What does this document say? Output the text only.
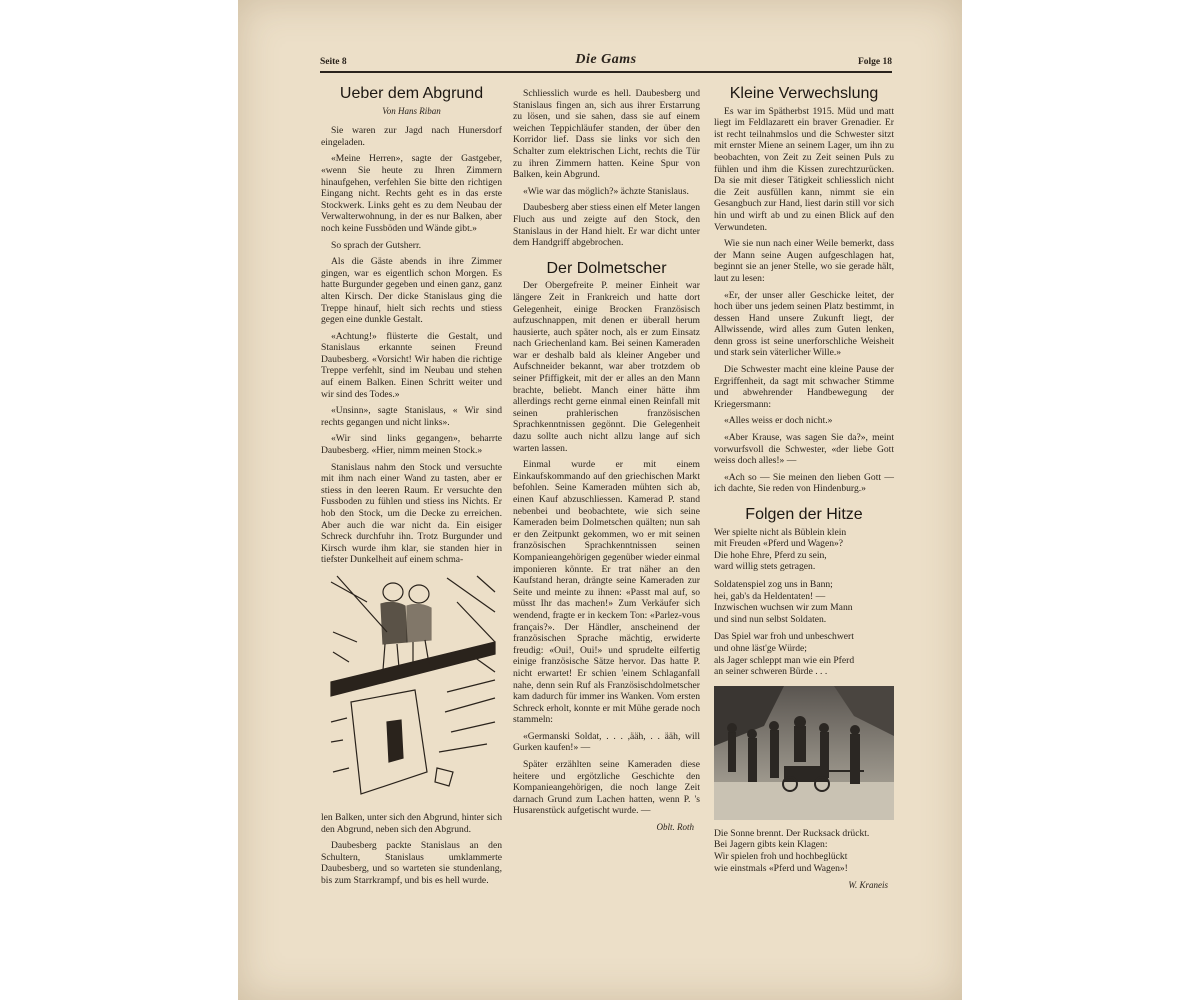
Seite 8	Die Gams	Folge 18
Ueber dem Abgrund
Von Hans Riban

Sie waren zur Jagd nach Hunersdorf eingeladen.

«Meine Herren», sagte der Gastgeber, «wenn Sie heute zu Ihren Zimmern hinaufgehen, verfehlen Sie bitte den richtigen Eingang nicht. Rechts geht es in das erste Stockwerk. Links geht es zu dem Neubau der Verwalterwohnung, in der es nur Balken, aber noch keine Fussböden und Wände gibt.»

So sprach der Gutsherr.

Als die Gäste abends in ihre Zimmer gingen, war es eigentlich schon Morgen. Es hatte Burgunder gegeben und einen ganz, ganz alten Kirsch. Der dicke Stanislaus ging die Treppe hinauf, hielt sich rechts und stiess gegen eine dunkle Gestalt.

«Achtung!» flüsterte die Gestalt, und Stanislaus erkannte seinen Freund Daubesberg. «Vorsicht! Wir haben die richtige Treppe verfehlt, sind im Neubau und stehen auf einem Balken. Einen Schritt weiter und wir sind des Todes.»

«Unsinn», sagte Stanislaus, « Wir sind rechts gegangen und nicht links».

«Wir sind links gegangen», beharrte Daubesberg. «Hier, nimm meinen Stock.»

Stanislaus nahm den Stock und versuchte mit ihm nach einer Wand zu tasten, aber er stiess in den leeren Raum. Er versuchte den Fussboden zu fühlen und stiess ins Nichts. Er hob den Stock, um die Decke zu erreichen. Aber auch die war nicht da. Ein eisiger Schreck durchfuhr ihn. Trotz Burgunder und Kirsch wurde ihm klar, sie standen hier in tiefster Dunkelheit auf einem schma-

len Balken, unter sich den Abgrund, hinter sich den Abgrund, neben sich den Abgrund.

Daubesberg packte Stanislaus an den Schultern, Stanislaus umklammerte Daubesberg, und so warteten sie stundenlang, bis zum Starrkrampf, und bis es hell wurde.

Schliesslich wurde es hell. Daubesberg und Stanislaus fingen an, sich aus ihrer Erstarrung zu lösen, und sie sahen, dass sie auf einem weichen Teppichläufer standen, der über den Korridor lief. Dass sie links vor sich den Schalter zum elektrischen Licht, rechts die Tür zu ihren Zimmern hatten. Keine Spur von Balken, kein Abgrund.

«Wie war das möglich?» ächzte Stanislaus.

Daubesberg aber stiess einen elf Meter langen Fluch aus und zeigte auf den Stock, den Stanislaus in der Hand hielt. Er war dicht unter dem Handgriff abgebrochen.

Der Dolmetscher

Der Obergefreite P. meiner Einheit war längere Zeit in Frankreich und hatte dort Gelegenheit, einige Brocken Französisch aufzuschnappen, mit denen er überall herum hausierte, auch später noch, als er zum Einsatz nach Griechenland kam. Bei seinen Kameraden war er deshalb bald als kleiner Angeber und Aufschneider bekannt, war aber trotzdem ob seiner Pfiffigkeit, mit der er alles an den Mann brachte, beliebt. Manch einer hätte ihm allerdings recht gerne einmal einen Reinfall mit seinen prahlerischen französischen Sprachkenntnissen gegönnt. Die Gelegenheit dazu sollte auch nicht allzu lange auf sich warten lassen.

Einmal wurde er mit einem Einkaufskommando auf den griechischen Markt befohlen. Seine Kameraden mühten sich ab, einen Kauf abzuschliessen. Kamerad P. stand nebenbei und beobachtete, wie sich seine Kameraden beim Dolmetschen quälten; nun sah er den Zeitpunkt gekommen, wo er mit seinen französischen Sprachkenntnissen seinen Kompanieangehörigen gegenüber wieder einmal imponieren könnte. Er trat näher an den Kaufstand heran, drängte seine Kameraden zur Seite und meinte zu ihnen: «Passt mal auf, so müsst Ihr das machen!» Zum Verkäufer sich wendend, fragte er in keckem Ton: «Parlez-vous français?». Der Händler, anscheinend der französischen Sprache mächtig, erwiderte freudig: «Oui!, Oui!» und sprudelte eilfertig einige französische Sätze hervor. Das hatte P. nicht erwartet! Er schien 'einem Schlaganfall nahe, denn sein Ruf als Französischdolmetscher kam dadurch für immer ins Wanken. Vom ersten Schreck erholt, konnte er mit Mühe gerade noch stammeln:

«Germanski Soldat, . . . ,ääh, . . ääh, will Gurken kaufen!» —

Später erzählten seine Kameraden diese heitere und ergötzliche Geschichte den Kompanieangehörigen, die noch lange Zeit darnach Grund zum Lachen hatten, wenn P. 's Husarenstück aufgetischt wurde. —

Oblt. Roth
Kleine Verwechslung

Es war im Spätherbst 1915. Müd und matt liegt im Feldlazarett ein braver Grenadier. Er ist recht teilnahmslos und die Schwester sitzt mit ernster Miene an seinem Lager, um ihn zu beobachten, von Zeit zu Zeit seinen Puls zu fühlen und ihm die Kissen zurechtzurücken. Da sie mit dieser Tätigkeit schliesslich nicht die Zeit ausfüllen kann, nimmt sie ein Gesangbuch zur Hand, liest darin still vor sich hin und wirft ab und zu einen Blick auf den Verwundeten.

Wie sie nun nach einer Weile bemerkt, dass der Mann seine Augen aufgeschlagen hat, beginnt sie an jener Stelle, wo sie gerade hält, laut zu lesen:

«Er, der unser aller Geschicke leitet, der hoch über uns jedem seinen Platz bestimmt, in dessen Hand unsere Zukunft liegt, der Allwissende, wird alles zum Guten lenken, denn gross ist seine unerforschliche Weisheit und stark sein väterlicher Wille.»

Die Schwester macht eine kleine Pause der Ergriffenheit, da sagt mit schwacher Stimme und abwehrender Handbewegung der Kriegersmann:

«Alles weiss er doch nicht.»

«Aber Krause, was sagen Sie da?», meint vorwurfsvoll die Schwester, «der liebe Gott weiss doch alles!» —

«Ach so — Sie meinen den lieben Gott — ich dachte, Sie reden von Hindenburg.»

Folgen der Hitze
Wer spielte nicht als Büblein klein
mit Freuden «Pferd und Wagen»?
Die hohe Ehre, Pferd zu sein,
ward willig stets getragen.
Soldatenspiel zog uns in Bann;
hei, gab's da Heldentaten! —
Inzwischen wuchsen wir zum Mann
und sind nun selbst Soldaten.
Das Spiel war froh und unbeschwert
und ohne läst'ge Würde;
als Jager schleppt man wie ein Pferd
an seiner schweren Bürde . . .
Die Sonne brennt. Der Rucksack drückt.
Bei Jagern gibts kein Klagen:
Wir spielen froh und hochbeglückt
wie einstmals «Pferd und Wagen»!
W. Kraneis
